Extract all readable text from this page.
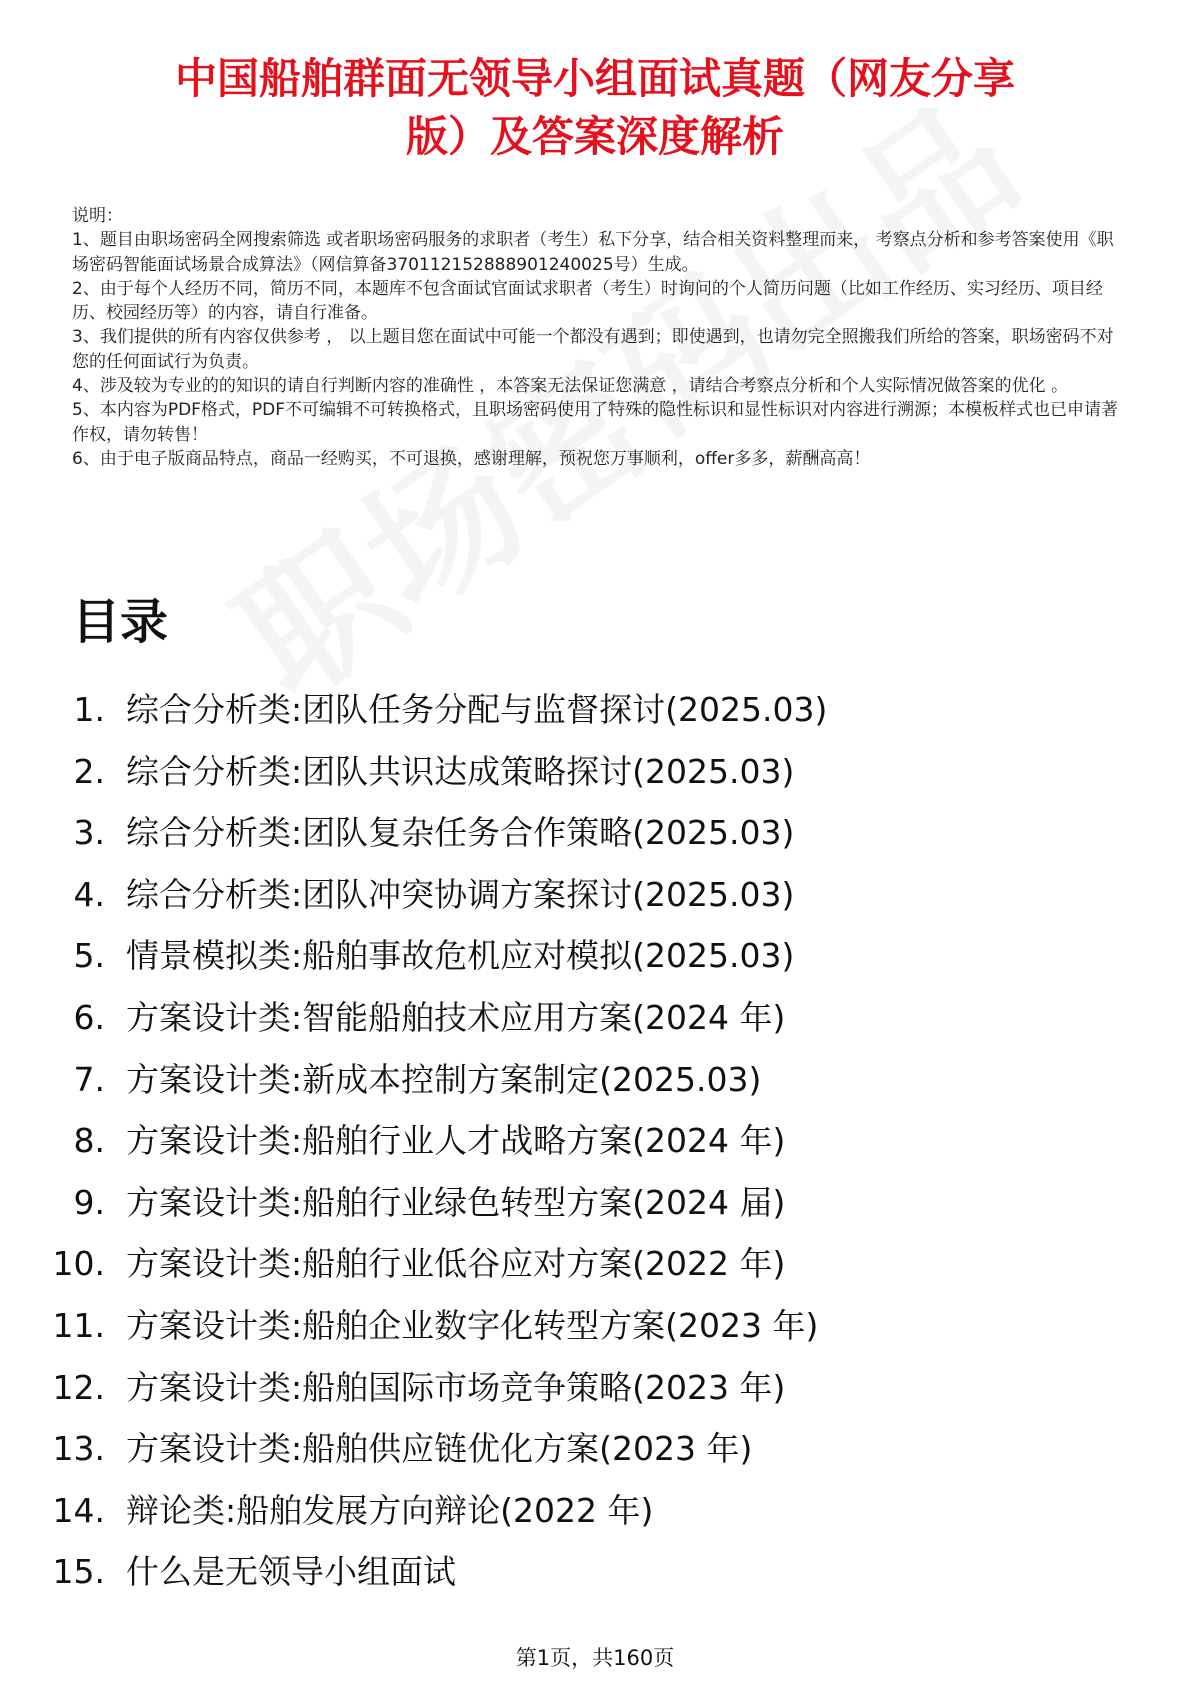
中国船舶群面无领导小组面试真题（网友分享
版）及答案深度解析

说明：

1、题目由职场密码全网搜索筛选 或者职场密码服务的求职者（考生）私下分享，结合相关资料整理而来， 考察点分析和参考答案使用《职场密码智能面试场景合成算法》（网信算备370112152888901240025号）生成。

2、由于每个人经历不同，简历不同，本题库不包含面试官面试求职者（考生）时询问的个人简历问题（比如工作经历、实习经历、项目经历、校园经历等）的内容，请自行准备。

3、我们提供的所有内容仅供参考 ， 以上题目您在面试中可能一个都没有遇到；即使遇到，也请勿完全照搬我们所给的答案，职场密码不对您的任何面试行为负责。

4、涉及较为专业的的知识的请自行判断内容的准确性 ，本答案无法保证您满意 ，请结合考察点分析和个人实际情况做答案的优化 。

5、本内容为PDF格式，PDF不可编辑不可转换格式，且职场密码使用了特殊的隐性标识和显性标识对内容进行溯源；本模板样式也已申请著作权，请勿转售！

6、由于电子版商品特点，商品一经购买，不可退换，感谢理解，预祝您万事顺利，offer多多，薪酬高高！

目录
1. 综合分析类:团队任务分配与监督探讨(2025.03)
2. 综合分析类:团队共识达成策略探讨(2025.03)
3. 综合分析类:团队复杂任务合作策略(2025.03)
4. 综合分析类:团队冲突协调方案探讨(2025.03)
5. 情景模拟类:船舶事故危机应对模拟(2025.03)
6. 方案设计类:智能船舶技术应用方案(2024 年)
7. 方案设计类:新成本控制方案制定(2025.03)
8. 方案设计类:船舶行业人才战略方案(2024 年)
9. 方案设计类:船舶行业绿色转型方案(2024 届)
10. 方案设计类:船舶行业低谷应对方案(2022 年)
11. 方案设计类:船舶企业数字化转型方案(2023 年)
12. 方案设计类:船舶国际市场竞争策略(2023 年)
13. 方案设计类:船舶供应链优化方案(2023 年)
14. 辩论类:船舶发展方向辩论(2022 年)
15. 什么是无领导小组面试
第1页，共160页
